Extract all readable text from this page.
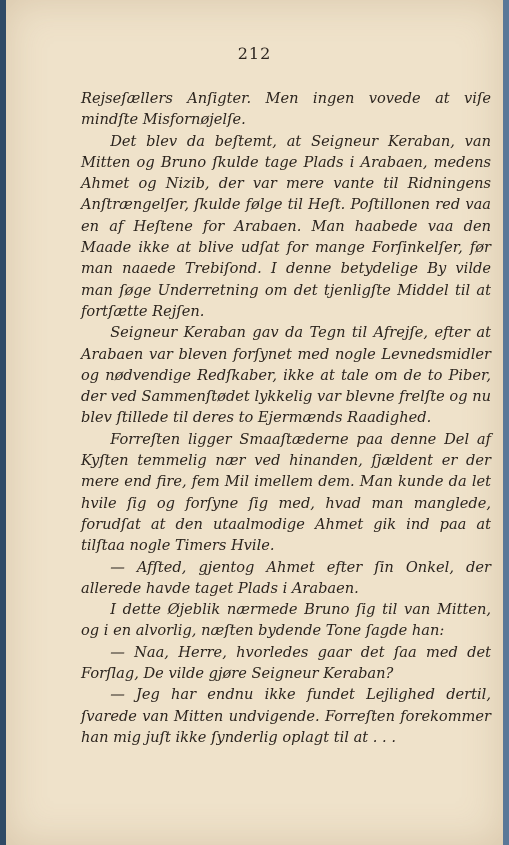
212

Rejseſællers Anſigter. Men ingen vovede at viſe mindſte Misfornøjelſe.

Det blev da beſtemt, at Seigneur Keraban, van Mitten og Bruno ſkulde tage Plads i Arabaen, medens Ahmet og Nizib, der var mere vante til Ridningens Anſtrængelſer, ſkulde følge til Heſt. Poſtillonen red vaa en af Heſtene for Arabaen. Man haabede vaa den Maade ikke at blive udſat for mange Forſinkelſer, før man naaede Trebiſond. I denne betydelige By vilde man ſøge Underretning om det tjenligſte Middel til at fortſætte Rejſen.

Seigneur Keraban gav da Tegn til Afrejſe, efter at Arabaen var bleven forſynet med nogle Levnedsmidler og nødvendige Redſkaber, ikke at tale om de to Piber, der ved Sammenſtødet lykkelig var blevne frelſte og nu blev ſtillede til deres to Ejermænds Raadighed.

Forreſten ligger Smaaſtæderne paa denne Del af Kyſten temmelig nær ved hinanden, ſjældent er der mere end fire, fem Mil imellem dem. Man kunde da let hvile ſig og forſyne ſig med, hvad man manglede, forudſat at den utaalmodige Ahmet gik ind paa at tilſtaa nogle Timers Hvile.

— Afſted, gjentog Ahmet efter ſin Onkel, der allerede havde taget Plads i Arabaen.

I dette Øjeblik nærmede Bruno ſig til van Mitten, og i en alvorlig, næſten bydende Tone ſagde han:

— Naa, Herre, hvorledes gaar det ſaa med det Forſlag, De vilde gjøre Seigneur Keraban?

— Jeg har endnu ikke fundet Lejlighed dertil, ſvarede van Mitten undvigende. Forreſten forekommer han mig juſt ikke ſynderlig oplagt til at . . .
